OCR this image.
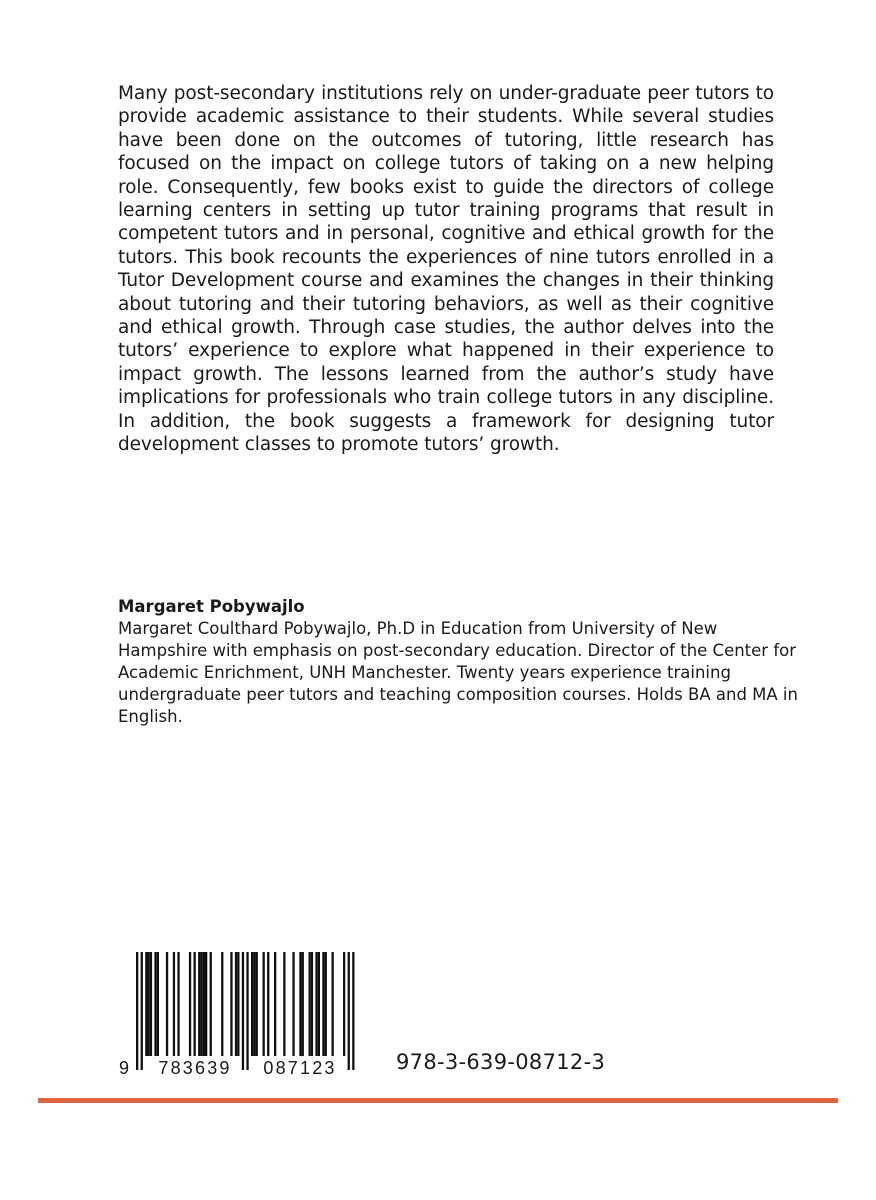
Many post-secondary institutions rely on under-graduate peer tutors to provide academic assistance to their students. While several studies have been done on the outcomes of tutoring, little research has focused on the impact on college tutors of taking on a new helping role. Consequently, few books exist to guide the directors of college learning centers in setting up tutor training programs that result in competent tutors and in personal, cognitive and ethical growth for the tutors. This book recounts the experiences of nine tutors enrolled in a Tutor Development course and examines the changes in their thinking about tutoring and their tutoring behaviors, as well as their cognitive and ethical growth. Through case studies, the author delves into the tutors’ experience to explore what happened in their experience to impact growth. The lessons learned from the author’s study have implications for professionals who train college tutors in any discipline. In addition, the book suggests a framework for designing tutor development classes to promote tutors’ growth.

Margaret Pobywajlo

Margaret Coulthard Pobywajlo, Ph.D in Education from University of New Hampshire with emphasis on post-secondary education. Director of the Center for Academic Enrichment, UNH Manchester. Twenty years experience training undergraduate peer tutors and teaching composition courses. Holds BA and MA in English.

9 783639 087123	978-3-639-08712-3
